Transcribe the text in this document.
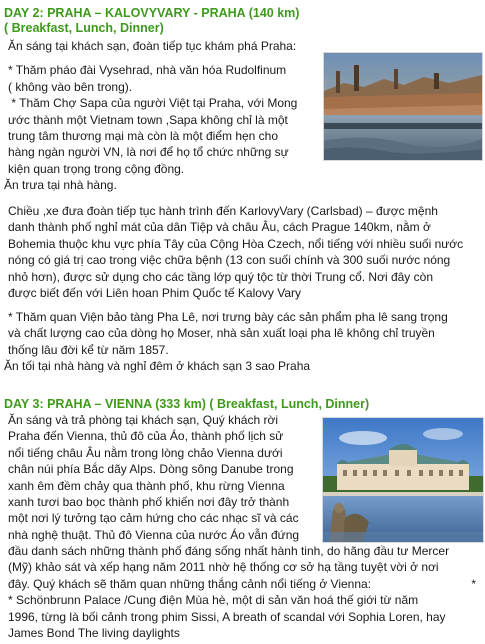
DAY 2: PRAHA – KALOVYVARY - PRAHA (140 km)

( Breakfast, Lunch, Dinner)

Ăn sáng tại khách sạn, đoàn tiếp tục khám phá Praha:

* Thăm pháo đài Vysehrad, nhà văn hóa Rudolfinum

( không vào bên trong).

* Thăm Chợ Sapa của người Việt tại Praha, với Mong

ước thành một Vietnam town ,Sapa không chỉ là một

trung tâm thương mại mà còn là một điểm hẹn cho

hàng ngàn người VN, là nơi để họ tổ chức những sự

kiện quan trọng trong cộng đồng.

Ăn trưa tại nhà hàng.

Chiều ,xe đưa đoàn tiếp tục hành trình đến KarlovyVary (Carlsbad) – được mệnh

danh thành phố nghỉ mát của dân Tiệp và châu Âu, cách Prague 140km, nằm ở

Bohemia thuộc khu vực phía Tây của Cộng Hòa Czech, nổi tiếng với nhiều suối nước

nóng có giá trị cao trong việc chữa bệnh (13 con suối chính và 300 suối nước nóng

nhỏ hơn), được sử dụng cho các tầng lớp quý tộc từ thời Trung cổ. Nơi đây còn

được biết đến với Liên hoan Phim Quốc tế Kalovy Vary

* Thăm quan Viện bảo tàng Pha Lê, nơi trưng bày các sản phẩm pha lê sang trọng

và chất lượng cao của dòng họ Moser, nhà sản xuất loại pha lê không chỉ truyền

thống lâu đời kể từ năm 1857.

Ăn tối tại nhà hàng và nghỉ đêm ở khách sạn 3 sao Praha

DAY 3: PRAHA – VIENNA (333 km) ( Breakfast, Lunch, Dinner)

Ăn sáng và trả phòng tại khách sạn, Quý khách rời

Praha đến Vienna, thủ đô của Áo, thành phố lịch sử

nổi tiếng châu Âu nằm trong lòng chảo Vienna dưới

chân núi phía Bắc dãy Alps. Dòng sông Danube trong

xanh êm đềm chảy qua thành phố, khu rừng Vienna

xanh tươi bao bọc thành phố khiến nơi đây trở thành

một nơi lý tưởng tạo cảm hứng cho các nhạc sĩ và các

nhà nghệ thuật. Thủ đô Vienna của nước Áo vẫn đứng

đầu danh sách những thành phố đáng sống nhất hành tinh, do hãng đầu tư Mercer

(Mỹ) khảo sát và xếp hạng năm 2011 nhờ hệ thống cơ sở hạ tầng tuyệt vời ở nơi

đây. Quý khách sẽ thăm quan những thắng cảnh nổi tiếng ở Vienna:	*

* Schönbrunn Palace /Cung điện Mùa hè, một di sản văn hoá thế giới từ năm

1996, từng là bối cảnh trong phim Sissi, A breath of scandal với Sophia Loren, hay

James Bond The living daylights
